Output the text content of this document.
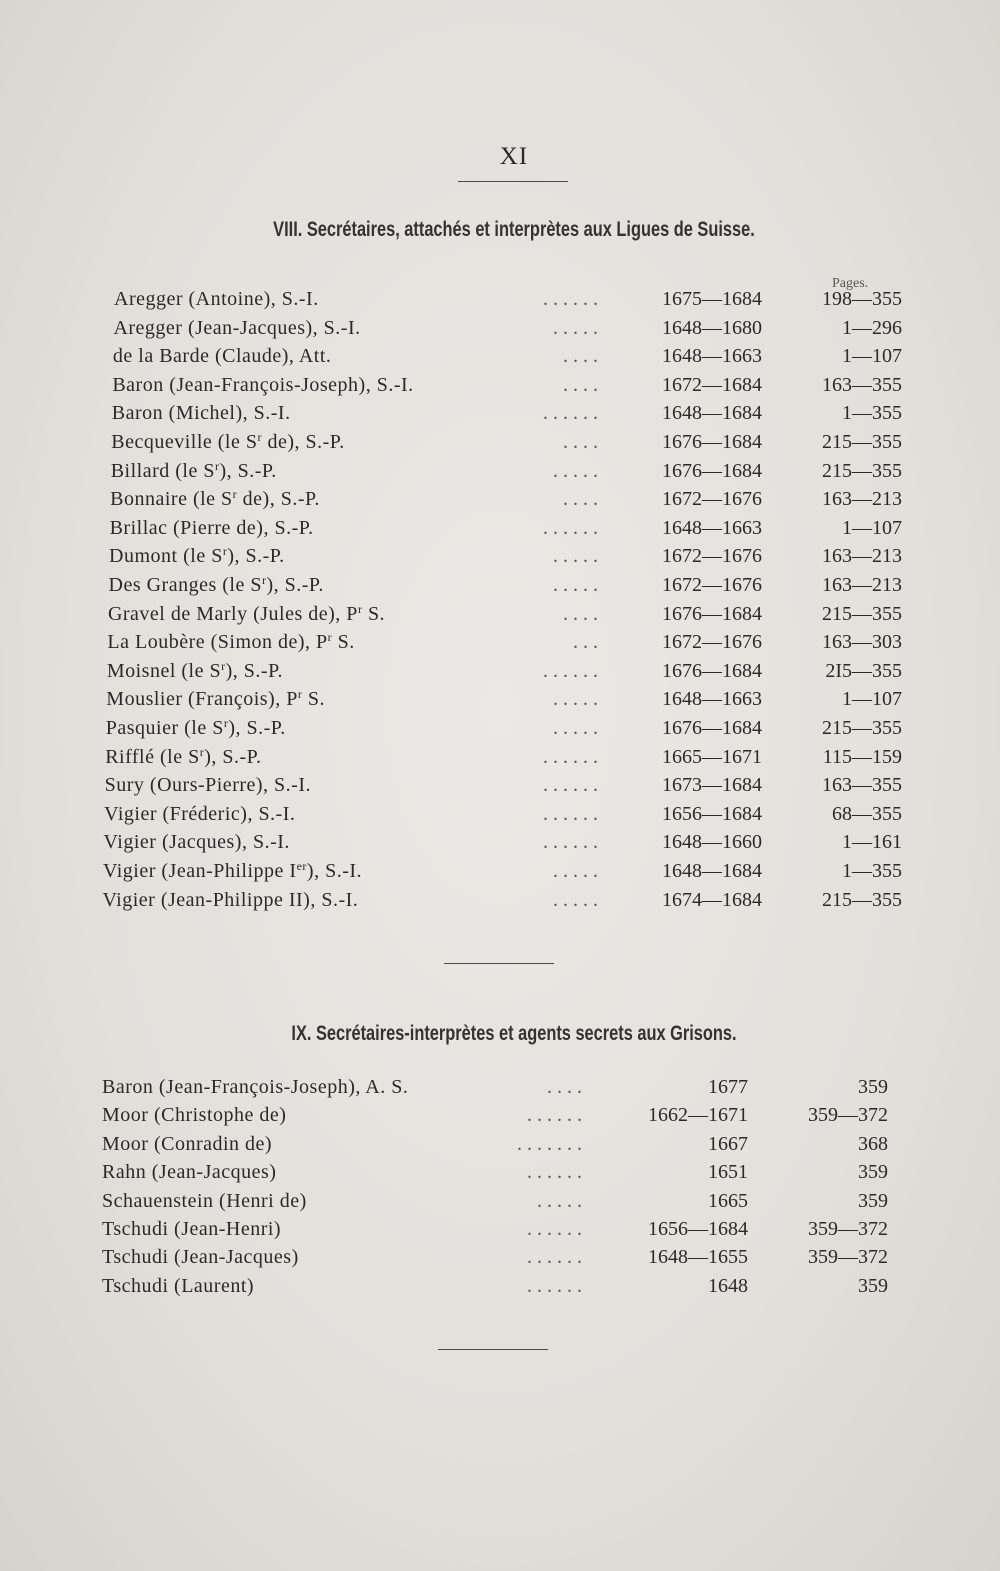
XI
VIII. Secrétaires, attachés et interprètes aux Ligues de Suisse.
Pages.
Aregger (Antoine), S.-I.	. . . . . .	1675—1684	198—355
Aregger (Jean-Jacques), S.-I.	. . . . .	1648—1680	1—296
de la Barde (Claude), Att.	. . . .	1648—1663	1—107
Baron (Jean-François-Joseph), S.-I.	. . . .	1672—1684	163—355
Baron (Michel), S.-I.	. . . . . .	1648—1684	1—355
Becqueville (le $S^r$ de), S.-P.	. . . .	1676—1684	215—355
Billard (le $S^r$), S.-P.	. . . . .	1676—1684	215—355
Bonnaire (le $S^r$ de), S.-P.	. . . .	1672—1676	163—213
Brillac (Pierre de), S.-P.	. . . . . .	1648—1663	1—107
Dumont (le $S^r$), S.-P.	. . . . .	1672—1676	163—213
Des Granges (le $S^r$), S.-P.	. . . . .	1672—1676	163—213
Gravel de Marly (Jules de), $P^r$ S.	. . . .	1676—1684	215—355
La Loubère (Simon de), $P^r$ S.	. . .	1672—1676	163—303
Moisnel (le $S^r$), S.-P.	. . . . . .	1676—1684	2I5—355
Mouslier (François), $P^r$ S.	. . . . .	1648—1663	1—107
Pasquier (le $S^r$), S.-P.	. . . . .	1676—1684	215—355
Rifflé (le $S^r$), S.-P.	. . . . . .	1665—1671	115—159
Sury (Ours-Pierre), S.-I.	. . . . . .	1673—1684	163—355
Vigier (Fréderic), S.-I.	. . . . . .	1656—1684	68—355
Vigier (Jacques), S.-I.	. . . . . .	1648—1660	1—161
Vigier (Jean-Philippe Ier), S.-I.	. . . . .	1648—1684	1—355
Vigier (Jean-Philippe II), S.-I.	. . . . .	1674—1684	215—355
IX. Secrétaires-interprètes et agents secrets aux Grisons.
Baron (Jean-François-Joseph), A. S.	. . . .	1677	359
Moor (Christophe de)	. . . . . .	1662—1671	359—372
Moor (Conradin de)	. . . . . . .	1667	368
Rahn (Jean-Jacques)	. . . . . .	1651	359
Schauenstein (Henri de)	. . . . .	1665	359
Tschudi (Jean-Henri)	. . . . . .	1656—1684	359—372
Tschudi (Jean-Jacques)	. . . . . .	1648—1655	359—372
Tschudi (Laurent)	. . . . . .	1648	359
